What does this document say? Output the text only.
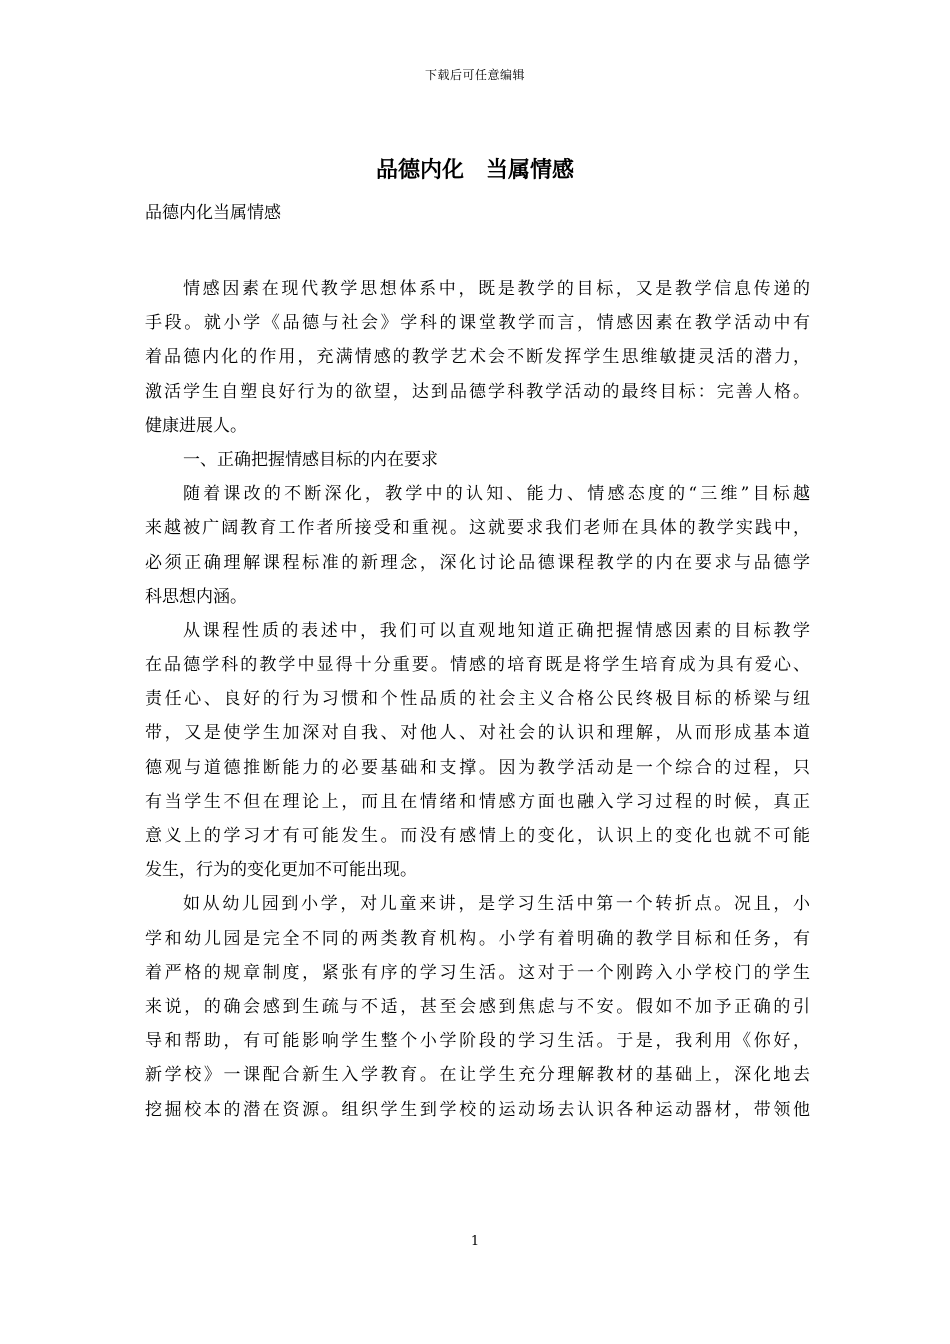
下载后可任意编辑
品德内化　当属情感
品德内化当属情感
情感因素在现代教学思想体系中，既是教学的目标，又是教学信息传递的
手段。就小学《品德与社会》学科的课堂教学而言，情感因素在教学活动中有
着品德内化的作用，充满情感的教学艺术会不断发挥学生思维敏捷灵活的潜力，
激活学生自塑良好行为的欲望，达到品德学科教学活动的最终目标：完善人格。
健康进展人。
一、正确把握情感目标的内在要求
随着课改的不断深化，教学中的认知、能力、情感态度的“三维”目标越
来越被广阔教育工作者所接受和重视。这就要求我们老师在具体的教学实践中，
必须正确理解课程标准的新理念，深化讨论品德课程教学的内在要求与品德学
科思想内涵。
从课程性质的表述中，我们可以直观地知道正确把握情感因素的目标教学
在品德学科的教学中显得十分重要。情感的培育既是将学生培育成为具有爱心、
责任心、良好的行为习惯和个性品质的社会主义合格公民终极目标的桥梁与纽
带，又是使学生加深对自我、对他人、对社会的认识和理解，从而形成基本道
德观与道德推断能力的必要基础和支撑。因为教学活动是一个综合的过程，只
有当学生不但在理论上，而且在情绪和情感方面也融入学习过程的时候，真正
意义上的学习才有可能发生。而没有感情上的变化，认识上的变化也就不可能
发生，行为的变化更加不可能出现。
如从幼儿园到小学，对儿童来讲，是学习生活中第一个转折点。况且，小
学和幼儿园是完全不同的两类教育机构。小学有着明确的教学目标和任务，有
着严格的规章制度，紧张有序的学习生活。这对于一个刚跨入小学校门的学生
来说，的确会感到生疏与不适，甚至会感到焦虑与不安。假如不加予正确的引
导和帮助，有可能影响学生整个小学阶段的学习生活。于是，我利用《你好，
新学校》一课配合新生入学教育。在让学生充分理解教材的基础上，深化地去
挖掘校本的潜在资源。组织学生到学校的运动场去认识各种运动器材，带领他
1
